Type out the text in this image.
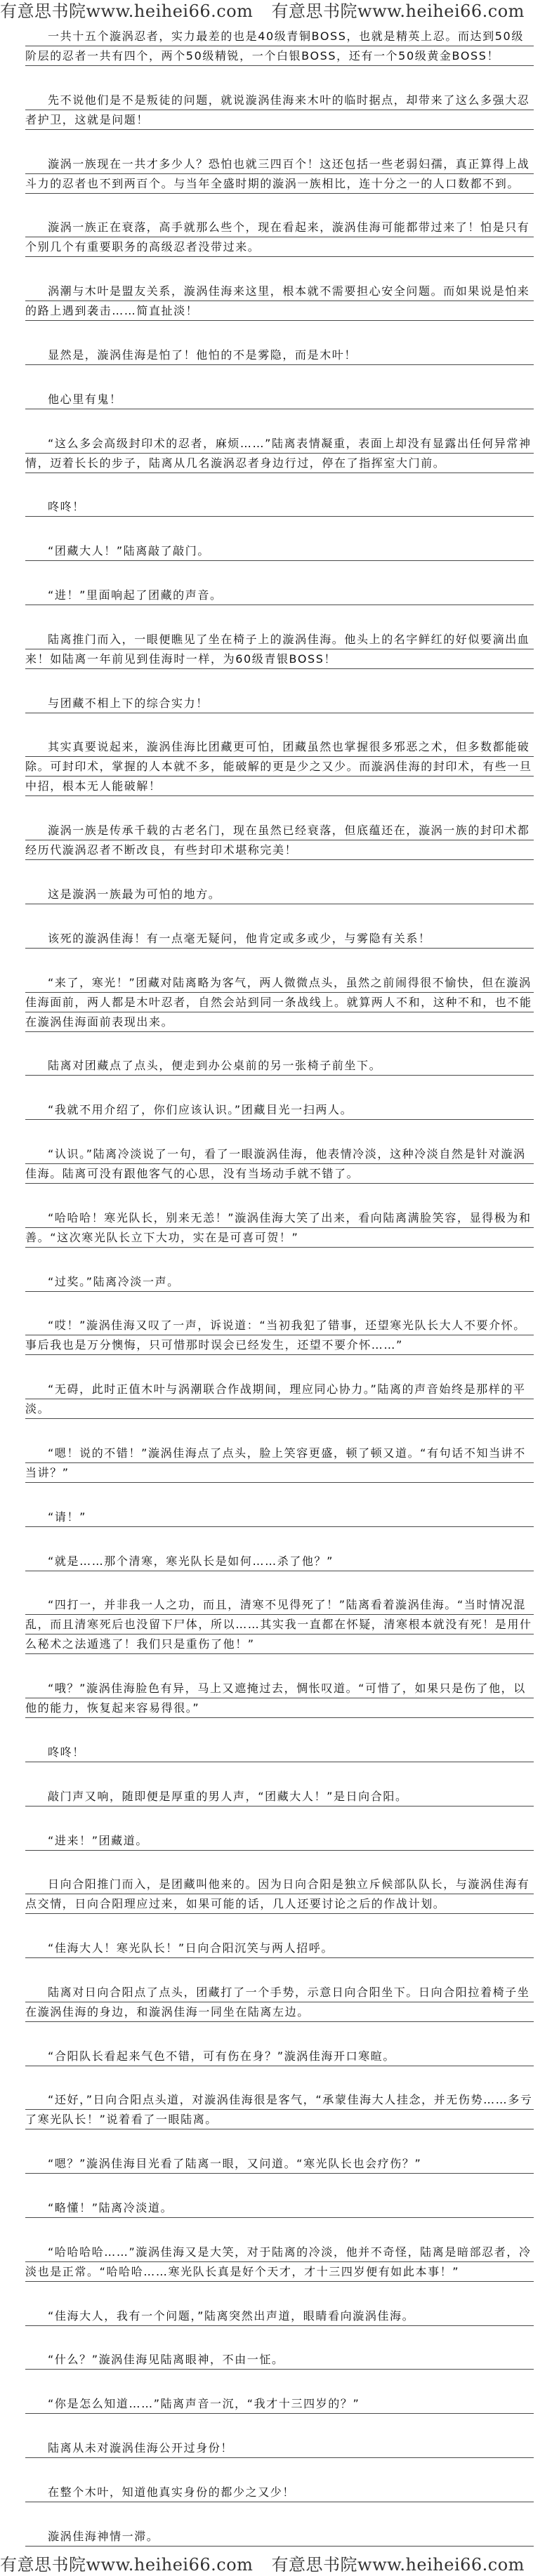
有意思书院www.heihei66.com 有意思书院www.heihei66.com

一共十五个漩涡忍者，实力最差的也是40级青铜BOSS，也就是精英上忍。而达到50级阶层的忍者一共有四个，两个50级精锐，一个白银BOSS，还有一个50级黄金BOSS！

先不说他们是不是叛徒的问题，就说漩涡佳海来木叶的临时据点，却带来了这么多强大忍者护卫，这就是问题！

漩涡一族现在一共才多少人？恐怕也就三四百个！这还包括一些老弱妇孺，真正算得上战斗力的忍者也不到两百个。与当年全盛时期的漩涡一族相比，连十分之一的人口数都不到。

漩涡一族正在衰落，高手就那么些个，现在看起来，漩涡佳海可能都带过来了！怕是只有个别几个有重要职务的高级忍者没带过来。

涡潮与木叶是盟友关系，漩涡佳海来这里，根本就不需要担心安全问题。而如果说是怕来的路上遇到袭击……简直扯淡！

显然是，漩涡佳海是怕了！他怕的不是雾隐，而是木叶！

他心里有鬼！

“这么多会高级封印术的忍者，麻烦……”陆离表情凝重，表面上却没有显露出任何异常神情，迈着长长的步子，陆离从几名漩涡忍者身边行过，停在了指挥室大门前。

咚咚！

“团藏大人！”陆离敲了敲门。

“进！”里面响起了团藏的声音。

陆离推门而入，一眼便瞧见了坐在椅子上的漩涡佳海。他头上的名字鲜红的好似要滴出血来！如陆离一年前见到佳海时一样，为60级青银BOSS！

与团藏不相上下的综合实力！

其实真要说起来，漩涡佳海比团藏更可怕，团藏虽然也掌握很多邪恶之术，但多数都能破除。可封印术，掌握的人本就不多，能破解的更是少之又少。而漩涡佳海的封印术，有些一旦中招，根本无人能破解！

漩涡一族是传承千载的古老名门，现在虽然已经衰落，但底蕴还在，漩涡一族的封印术都经历代漩涡忍者不断改良，有些封印术堪称完美！

这是漩涡一族最为可怕的地方。

该死的漩涡佳海！有一点毫无疑问，他肯定或多或少，与雾隐有关系！

“来了，寒光！”团藏对陆离略为客气，两人微微点头，虽然之前闹得很不愉快，但在漩涡佳海面前，两人都是木叶忍者，自然会站到同一条战线上。就算两人不和，这种不和，也不能在漩涡佳海面前表现出来。

陆离对团藏点了点头，便走到办公桌前的另一张椅子前坐下。

“我就不用介绍了，你们应该认识。”团藏目光一扫两人。

“认识。”陆离冷淡说了一句，看了一眼漩涡佳海，他表情冷淡，这种冷淡自然是针对漩涡佳海。陆离可没有跟他客气的心思，没有当场动手就不错了。

“哈哈哈！寒光队长，别来无恙！”漩涡佳海大笑了出来，看向陆离满脸笑容，显得极为和善。“这次寒光队长立下大功，实在是可喜可贺！”

“过奖。”陆离冷淡一声。

“哎！”漩涡佳海又叹了一声，诉说道：“当初我犯了错事，还望寒光队长大人不要介怀。事后我也是万分懊悔，只可惜那时误会已经发生，还望不要介怀……”

“无碍，此时正值木叶与涡潮联合作战期间，理应同心协力。”陆离的声音始终是那样的平淡。

“嗯！说的不错！”漩涡佳海点了点头，脸上笑容更盛，顿了顿又道。“有句话不知当讲不当讲？”

“请！”

“就是……那个清寒，寒光队长是如何……杀了他？”

“四打一，并非我一人之功，而且，清寒不见得死了！”陆离看着漩涡佳海。“当时情况混乱，而且清寒死后也没留下尸体，所以……其实我一直都在怀疑，清寒根本就没有死！是用什么秘术之法遁逃了！我们只是重伤了他！”

“哦？”漩涡佳海脸色有异，马上又遮掩过去，惆怅叹道。“可惜了，如果只是伤了他，以他的能力，恢复起来容易得很。”

咚咚！

敲门声又响，随即便是厚重的男人声，“团藏大人！”是日向合阳。

“进来！”团藏道。

日向合阳推门而入，是团藏叫他来的。因为日向合阳是独立斥候部队队长，与漩涡佳海有点交情，日向合阳理应过来，如果可能的话，几人还要讨论之后的作战计划。

“佳海大人！寒光队长！”日向合阳沉笑与两人招呼。

陆离对日向合阳点了点头，团藏打了一个手势，示意日向合阳坐下。日向合阳拉着椅子坐在漩涡佳海的身边，和漩涡佳海一同坐在陆离左边。

“合阳队长看起来气色不错，可有伤在身？”漩涡佳海开口寒暄。

“还好，”日向合阳点头道，对漩涡佳海很是客气，“承蒙佳海大人挂念，并无伤势……多亏了寒光队长！”说着看了一眼陆离。

“嗯？”漩涡佳海目光看了陆离一眼，又问道。“寒光队长也会疗伤？”

“略懂！”陆离冷淡道。

“哈哈哈哈……”漩涡佳海又是大笑，对于陆离的冷淡，他并不奇怪，陆离是暗部忍者，冷淡也是正常。“哈哈哈……寒光队长真是好个天才，才十三四岁便有如此本事！”

“佳海大人，我有一个问题，”陆离突然出声道，眼睛看向漩涡佳海。

“什么？”漩涡佳海见陆离眼神，不由一怔。

“你是怎么知道……”陆离声音一沉，“我才十三四岁的？”

陆离从未对漩涡佳海公开过身份！

在整个木叶，知道他真实身份的都少之又少！

漩涡佳海神情一滞。

有意思书院www.heihei66.com 有意思书院www.heihei66.com
